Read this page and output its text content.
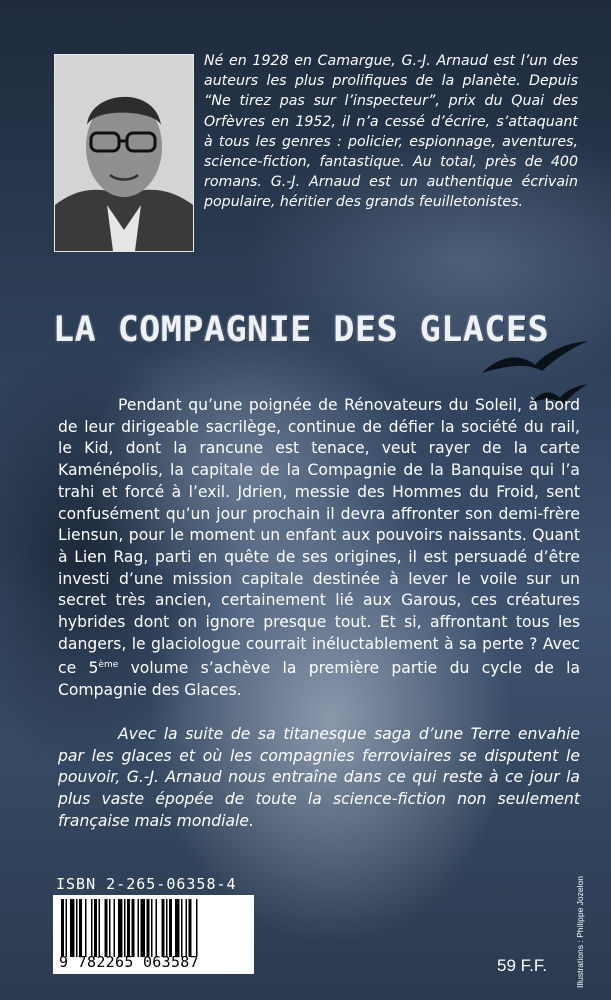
Né en 1928 en Camargue, G.-J. Arnaud est l’un des auteurs les plus prolifiques de la planète. Depuis “Ne tirez pas sur l’inspecteur”, prix du Quai des Orfèvres en 1952, il n’a cessé d’écrire, s’attaquant à tous les genres : policier, espionnage, aventures, science-fiction, fantastique. Au total, près de 400 romans. G.-J. Arnaud est un authentique écrivain populaire, héritier des grands feuilletonistes.

LA COMPAGNIE DES GLACES

Pendant qu’une poignée de Rénovateurs du Soleil, à bord de leur dirigeable sacrilège, continue de défier la société du rail, le Kid, dont la rancune est tenace, veut rayer de la carte Kaménépolis, la capitale de la Compagnie de la Banquise qui l’a trahi et forcé à l’exil. Jdrien, messie des Hommes du Froid, sent confusément qu’un jour prochain il devra affronter son demi-frère Liensun, pour le moment un enfant aux pouvoirs naissants. Quant à Lien Rag, parti en quête de ses origines, il est persuadé d’être investi d’une mission capitale destinée à lever le voile sur un secret très ancien, certainement lié aux Garous, ces créatures hybrides dont on ignore presque tout. Et si, affrontant tous les dangers, le glaciologue courrait inéluctablement à sa perte ? Avec ce 5ème volume s’achève la première partie du cycle de la Compagnie des Glaces.

Avec la suite de sa titanesque saga d’une Terre envahie par les glaces et où les compagnies ferroviaires se disputent le pouvoir, G.-J. Arnaud nous entraîne dans ce qui reste à ce jour la plus vaste épopée de toute la science-fiction non seulement française mais mondiale.

ISBN 2-265-06358-4

9 782265 063587	59 F.F.	Illustrations : Philippe Jozelon
